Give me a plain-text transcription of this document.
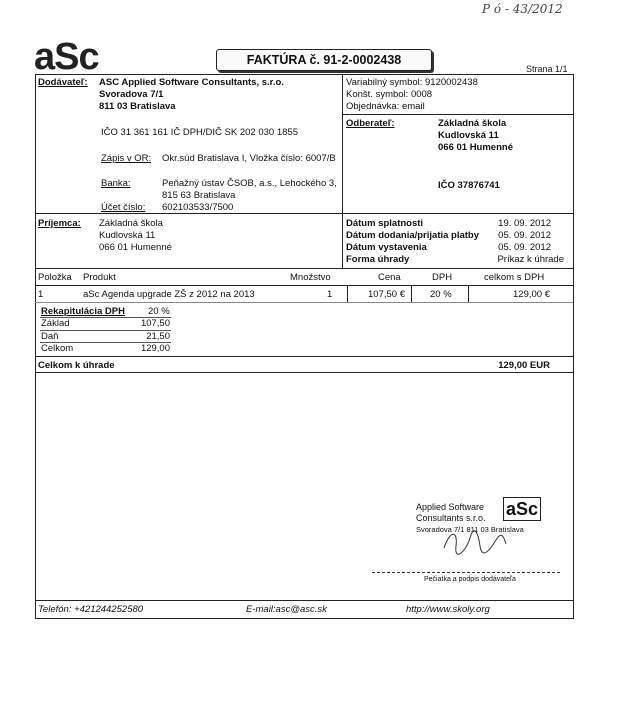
P ó - 43/2012
aSc	FAKTÚRA č. 91-2-0002438
Strana 1/1
Dodávateľ: ASC Applied Software Consultants, s.r.o.
Svoradova 7/1
811 03 Bratislava
IČO 31 361 161 IČ DPH/DIČ SK 202 030 1855
Zápis v OR: Okr.súd Bratislava I, Vložka číslo: 6007/B
Banka:	Peňažný ústav ČSOB, a.s., Lehockého 3, 815 63 Bratislava
Účet číslo: 602103533/7500
Variabilný symbol: 9120002438
Konšt. symbol: 0008
Objednávka: email
Odberateľ:	Základná škola
Kudlovská 11
066 01 Humenné
IČO 37876741
Príjemca: Základná škola
Kudlovská 11
066 01 Humenné
Dátum splatnosti	19. 09. 2012
Dátum dodania/prijatia platby	05. 09. 2012
Dátum vystavenia	05. 09. 2012
Forma úhrady	Príkaz k úhrade
Položka Produkt	Množstvo	Cena	DPH	celkom s DPH
1	aSc Agenda upgrade ZŠ z 2012 na 2013	1	107,50 €	20 %	129,00 €
Rekapitulácia DPH 20 %
Základ	107,50
Daň	21,50
Celkom	129,00
Celkom k úhrade	129,00 EUR
Applied Software
Consultants s.r.o.
Svoradova 7/1 811 03 Bratislava
aSc
Pečiatka a podpis dodávateľa
Telefón: +421244252580	E-mail:asc@asc.sk	http://www.skoly.org
